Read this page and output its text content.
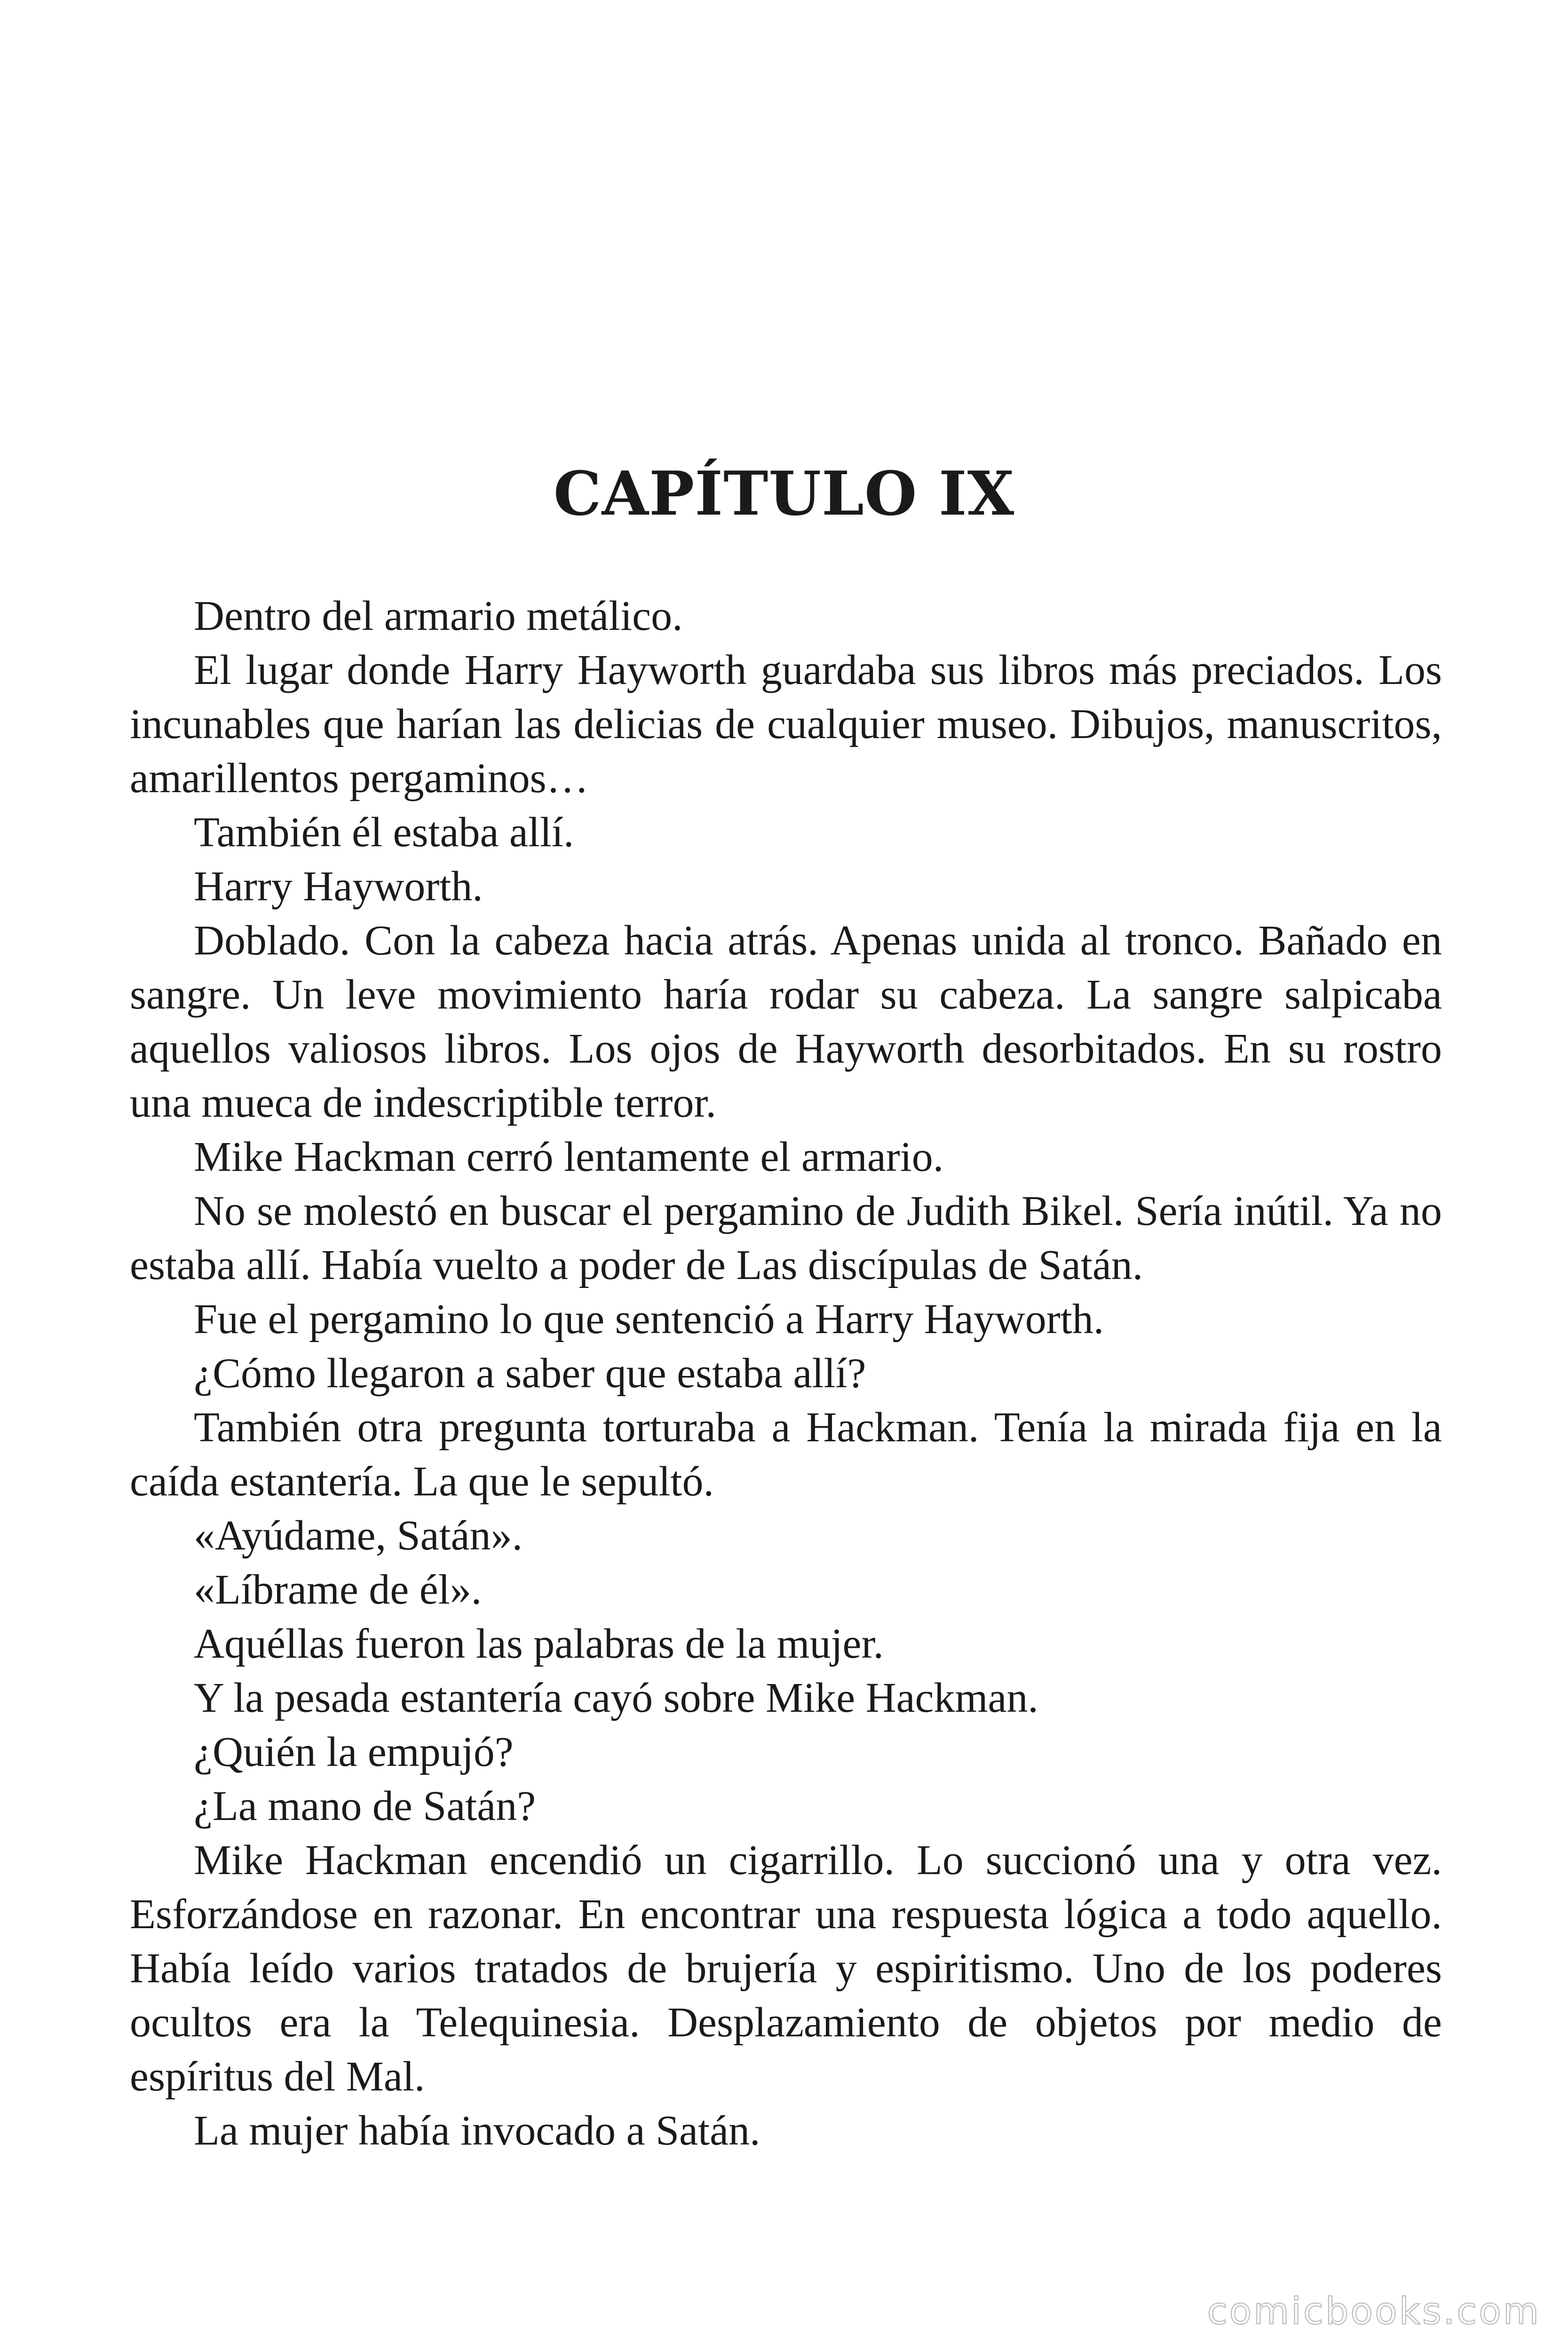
CAPÍTULO IX

Dentro del armario metálico.

El lugar donde Harry Hayworth guardaba sus libros más preciados. Los incunables que harían las delicias de cualquier museo. Dibujos, manuscritos, amarillentos pergaminos…

También él estaba allí.

Harry Hayworth.

Doblado. Con la cabeza hacia atrás. Apenas unida al tronco. Bañado en sangre. Un leve movimiento haría rodar su cabeza. La sangre salpicaba aquellos valiosos libros. Los ojos de Hayworth desorbitados. En su rostro una mueca de indescriptible terror.

Mike Hackman cerró lentamente el armario.

No se molestó en buscar el pergamino de Judith Bikel. Sería inútil. Ya no estaba allí. Había vuelto a poder de Las discípulas de Satán.

Fue el pergamino lo que sentenció a Harry Hayworth.

¿Cómo llegaron a saber que estaba allí?

También otra pregunta torturaba a Hackman. Tenía la mirada fija en la caída estantería. La que le sepultó.

«Ayúdame, Satán».

«Líbrame de él».

Aquéllas fueron las palabras de la mujer.

Y la pesada estantería cayó sobre Mike Hackman.

¿Quién la empujó?

¿La mano de Satán?

Mike Hackman encendió un cigarrillo. Lo succionó una y otra vez. Esforzándose en razonar. En encontrar una respuesta lógica a todo aquello. Había leído varios tratados de brujería y espiritismo. Uno de los poderes ocultos era la Telequinesia. Desplazamiento de objetos por medio de espíritus del Mal.

La mujer había invocado a Satán.

comicbooks.com
